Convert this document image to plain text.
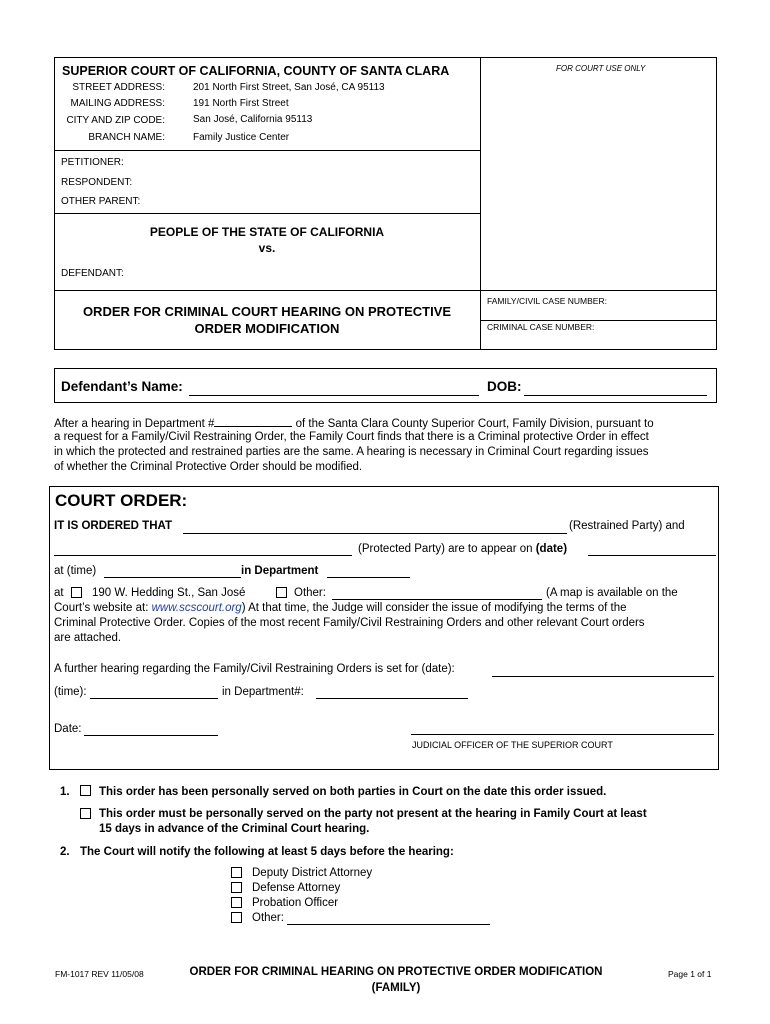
SUPERIOR COURT OF CALIFORNIA, COUNTY OF SANTA CLARA	FOR COURT USE ONLY
STREET ADDRESS:	201 North First Street, San José, CA 95113
MAILING ADDRESS:	191 North First Street
CITY AND ZIP CODE:	San José, California 95113
BRANCH NAME:	Family Justice Center
PETITIONER:
RESPONDENT:
OTHER PARENT:
PEOPLE OF THE STATE OF CALIFORNIA
vs.
DEFENDANT:
ORDER FOR CRIMINAL COURT HEARING ON PROTECTIVE
ORDER MODIFICATION
FAMILY/CIVIL CASE NUMBER:
CRIMINAL CASE NUMBER:
Defendant’s Name:	DOB:
After a hearing in Department #	of the Santa Clara County Superior Court, Family Division, pursuant to
a request for a Family/Civil Restraining Order, the Family Court finds that there is a Criminal protective Order in effect
in which the protected and restrained parties are the same. A hearing is necessary in Criminal Court regarding issues
of whether the Criminal Protective Order should be modified.
COURT ORDER:
IT IS ORDERED THAT	(Restrained Party) and
(Protected Party) are to appear on (date)
at (time)	in Department
at 190 W. Hedding St., San José	Other:	(A map is available on the
Court’s website at: www.scscourt.org) At that time, the Judge will consider the issue of modifying the terms of the
Criminal Protective Order. Copies of the most recent Family/Civil Restraining Orders and other relevant Court orders
are attached.
A further hearing regarding the Family/Civil Restraining Orders is set for (date):
(time):	in Department#:
Date:
JUDICIAL OFFICER OF THE SUPERIOR COURT
1.	This order has been personally served on both parties in Court on the date this order issued.
This order must be personally served on the party not present at the hearing in Family Court at least
15 days in advance of the Criminal Court hearing.
2. The Court will notify the following at least 5 days before the hearing:
Deputy District Attorney
Defense Attorney
Probation Officer
Other:
FM-1017 REV 11/05/08	ORDER FOR CRIMINAL HEARING ON PROTECTIVE ORDER MODIFICATION
(FAMILY)
Page 1 of 1
